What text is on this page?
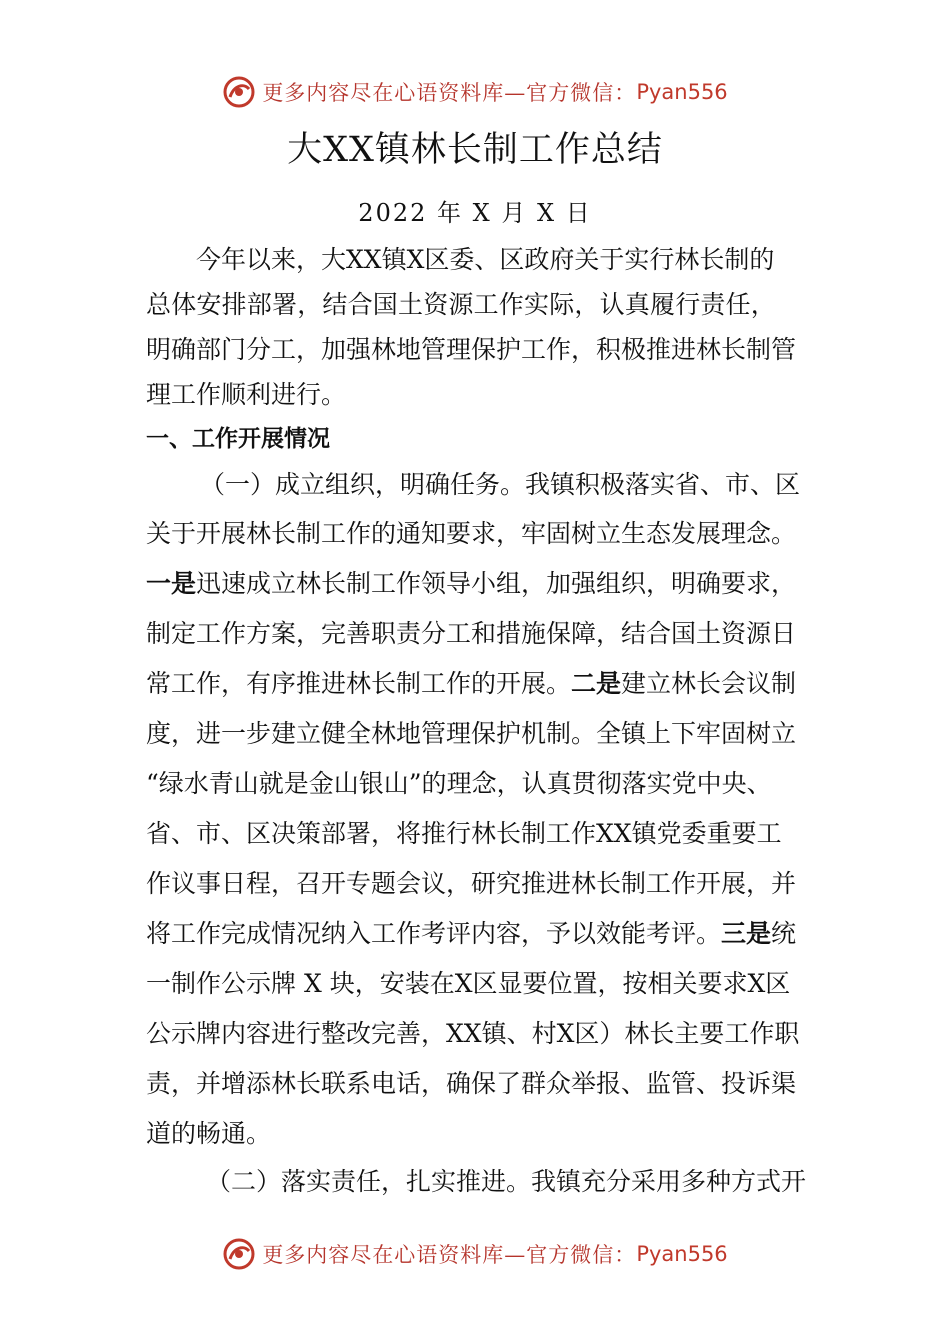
更多内容尽在心语资料库—官方微信： Pyan556
大XX镇林长制工作总结
2022 年 X 月 X 日
今年以来，大XX镇X区委、区政府关于实行林长制的
总体安排部署，结合国土资源工作实际，认真履行责任，
明确部门分工，加强林地管理保护工作，积极推进林长制管
理工作顺利进行。
一、工作开展情况
（一）成立组织，明确任务。我镇积极落实省、市、区
关于开展林长制工作的通知要求，牢固树立生态发展理念。
一是迅速成立林长制工作领导小组，加强组织，明确要求，
制定工作方案，完善职责分工和措施保障，结合国土资源日
常工作，有序推进林长制工作的开展。二是建立林长会议制
度，进一步建立健全林地管理保护机制。全镇上下牢固树立
“绿水青山就是金山银山”的理念，认真贯彻落实党中央、
省、市、区决策部署，将推行林长制工作XX镇党委重要工
作议事日程，召开专题会议，研究推进林长制工作开展，并
将工作完成情况纳入工作考评内容，予以效能考评。三是统
一制作公示牌 X 块，安装在X区显要位置，按相关要求X区
公示牌内容进行整改完善，XX镇、村X区）林长主要工作职
责，并增添林长联系电话，确保了群众举报、监管、投诉渠
道的畅通。
（二）落实责任，扎实推进。我镇充分采用多种方式开
更多内容尽在心语资料库—官方微信： Pyan556
